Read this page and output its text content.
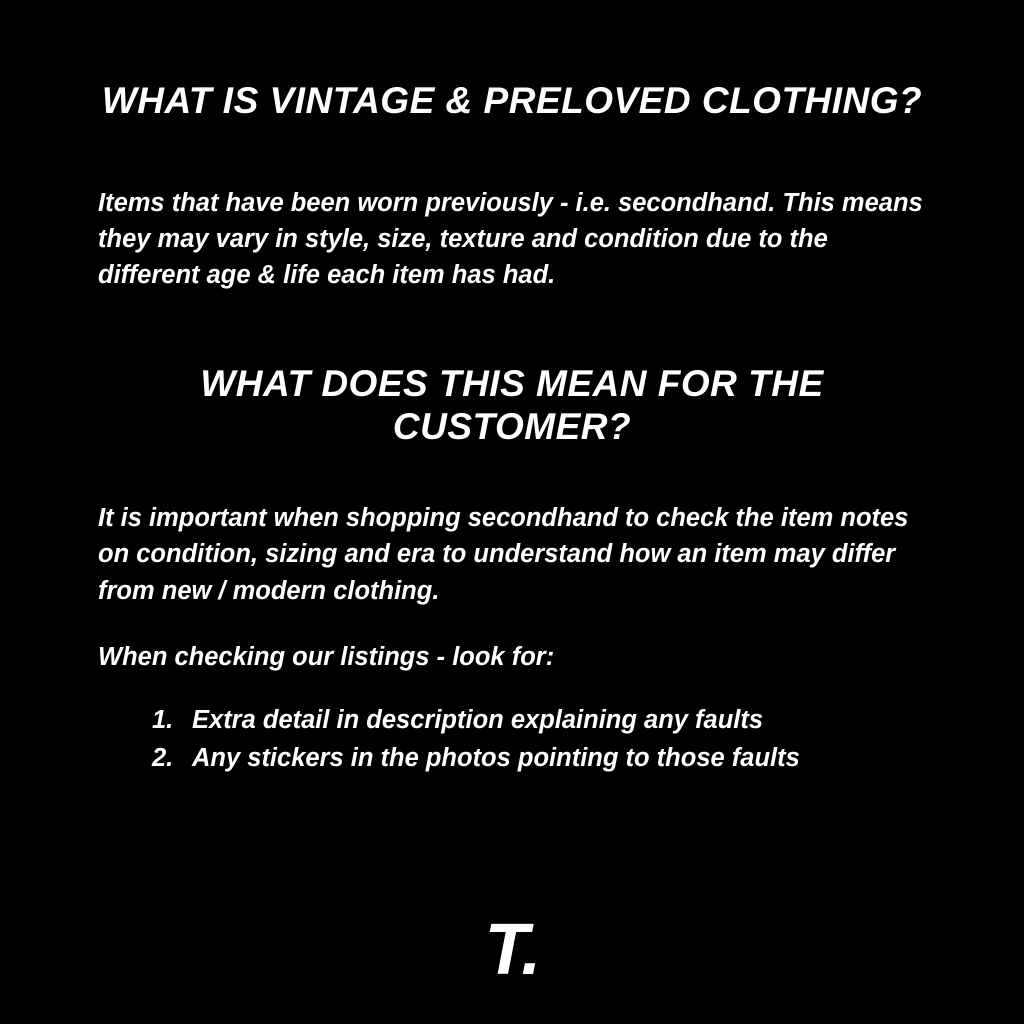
WHAT IS VINTAGE & PRELOVED CLOTHING?

Items that have been worn previously - i.e. secondhand. This means they may vary in style, size, texture and condition due to the different age & life each item has had.

WHAT DOES THIS MEAN FOR THE
CUSTOMER?

It is important when shopping secondhand to check the item notes on condition, sizing and era to understand how an item may differ from new / modern clothing.

When checking our listings - look for:

1. Extra detail in description explaining any faults
2. Any stickers in the photos pointing to those faults
T.
